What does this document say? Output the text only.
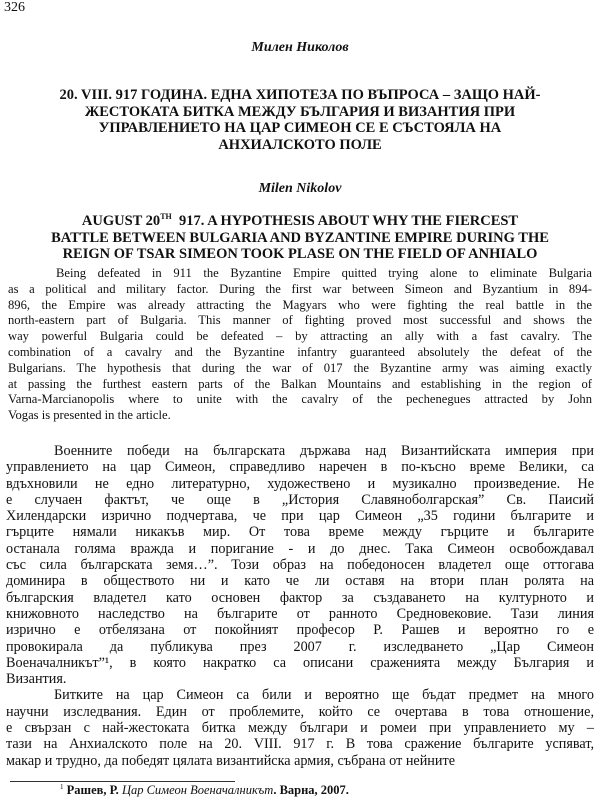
326
Милен Николов
20. VIII. 917 ГОДИНА. ЕДНА ХИПОТЕЗА ПО ВЪПРОСА – ЗАЩО НАЙ-
ЖЕСТОКАТА БИТКА МЕЖДУ БЪЛГАРИЯ И ВИЗАНТИЯ ПРИ
УПРАВЛЕНИЕТО НА ЦАР СИМЕОН СЕ Е СЪСТОЯЛА НА
АНХИАЛСКОТО ПОЛЕ
Milen Nikolov
AUGUST 20TH  917. A HYPOTHESIS ABOUT WHY THE FIERCEST
BATTLE BETWEEN BULGARIA AND BYZANTINE EMPIRE DURING THE
REIGN OF TSAR SIMEON TOOK PLASE ON THE FIELD OF ANHIALO
Being defeated in 911 the Byzantine Empire quitted trying alone to eliminate Bulgaria
as a political and military factor. During the first war between Simeon and Byzantium in 894-
896, the Empire was already attracting the Magyars who were fighting the real battle in the
north-eastern part of Bulgaria. This manner of fighting proved most successful and shows the
way powerful Bulgaria could be defeated – by attracting an ally with a fast cavalry. The
combination of a cavalry and the Byzantine infantry guaranteed absolutely the defeat of the
Bulgarians. The hypothesis that during the war of 017 the Byzantine army was aiming exactly
at passing the furthest eastern parts of the Balkan Mountains and establishing in the region of
Varna-Marcianopolis where to unite with the cavalry of the pechenegues attracted by John
Vogas is presented in the article.
Военните победи на българската държава над Византийската империя при
управлението на цар Симеон, справедливо наречен в по-късно време Велики, са
вдъхновили не едно литературно, художествено и музикално произведение. Не
е случаен фактът, че още в „История Славяноболгарская” Св. Паисий
Хилендарски изрично подчертава, че при цар Симеон „35 години българите и
гърците нямали никакъв мир. От това време между гърците и българите
останала голяма вражда и поригание - и до днес. Така Симеон освобождавал
със сила българската земя…”. Този образ на победоносен владетел още оттогава
доминира в обществото ни и като че ли оставя на втори план ролята на
българския владетел като основен фактор за създаването на културното и
книжовното наследство на българите от ранното Средновековие. Тази линия
изрично е отбелязана от покойният професор Р. Рашев и вероятно го е
провокирала да публикува през 2007 г. изследването „Цар Симеон
Военачалникът”¹, в която накратко са описани сраженията между България и
Византия.
Битките на цар Симеон са били и вероятно ще бъдат предмет на много
научни изследвания. Един от проблемите, който се очертава в това отношение,
е свързан с най-жестоката битка между българи и ромеи при управлението му –
тази на Анхиалското поле на 20. VIII. 917 г. В това сражение българите успяват,
макар и трудно, да победят цялата византийска армия, събрана от нейните
$^1$ Рашев, Р. Цар Симеон Военачалникът. Варна, 2007.
